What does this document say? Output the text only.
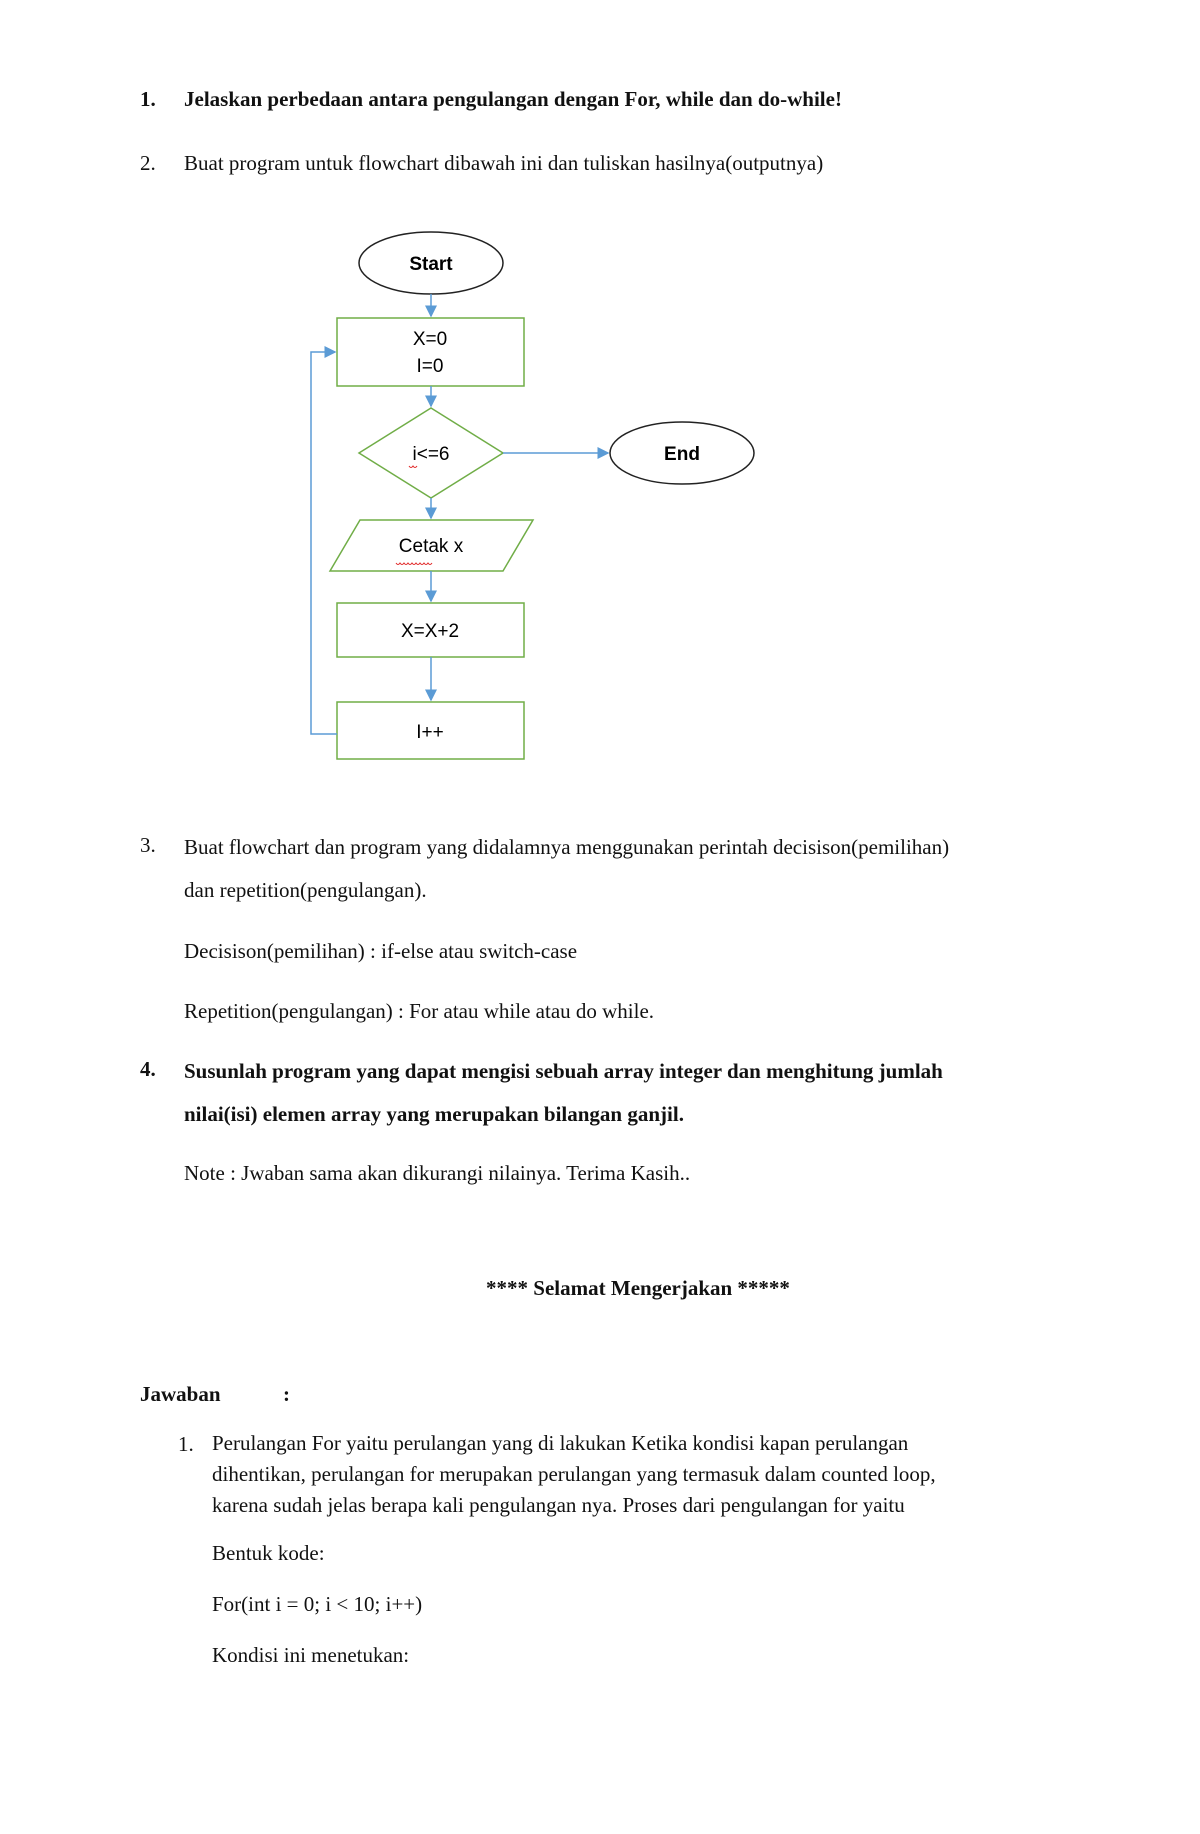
1. Jelaskan perbedaan antara pengulangan dengan For, while dan do-while!
2. Buat program untuk flowchart dibawah ini dan tuliskan hasilnya(outputnya)
Start
X=0
I=0
i<=6	End
Cetak x
X=X+2
I++
3. Buat flowchart dan program yang didalamnya menggunakan perintah decisison(pemilihan)
dan repetition(pengulangan).
Decisison(pemilihan) : if-else atau switch-case
Repetition(pengulangan) : For atau while atau do while.
4. Susunlah program yang dapat mengisi sebuah array integer dan menghitung jumlah
nilai(isi) elemen array yang merupakan bilangan ganjil.
Note : Jwaban sama akan dikurangi nilainya. Terima Kasih..
**** Selamat Mengerjakan *****
Jawaban	:
1. Perulangan For yaitu perulangan yang di lakukan Ketika kondisi kapan perulangan
dihentikan, perulangan for merupakan perulangan yang termasuk dalam counted loop,
karena sudah jelas berapa kali pengulangan nya. Proses dari pengulangan for yaitu
Bentuk kode:
For(int i = 0; i < 10; i++)
Kondisi ini menetukan:
